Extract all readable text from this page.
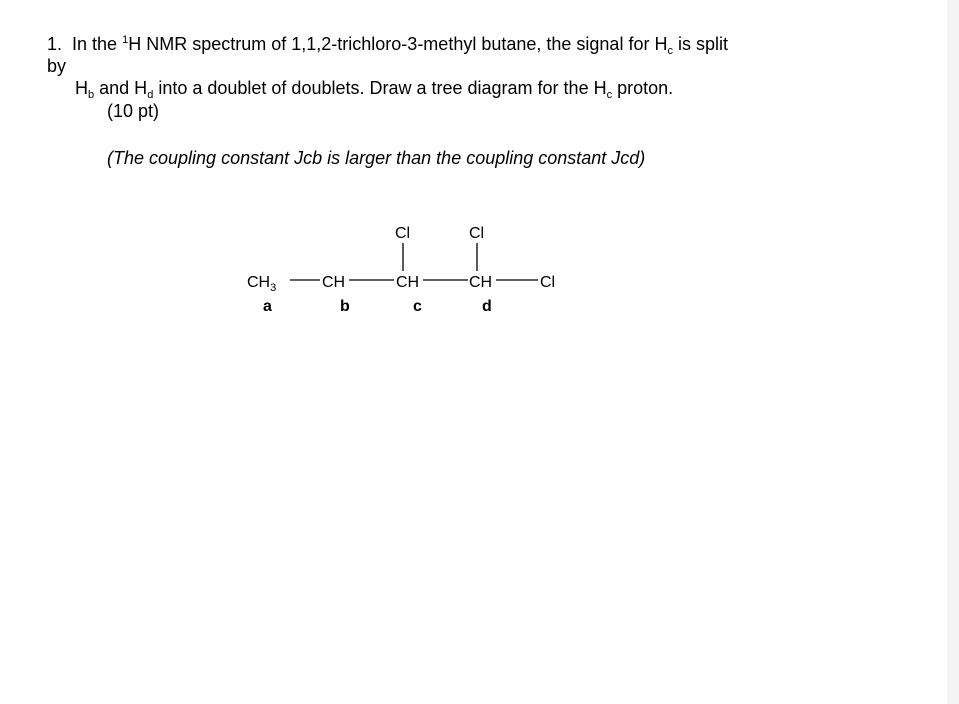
1. In the $^1$H NMR spectrum of 1,1,2-trichloro-3-methyl butane, the signal for $H_c$ is split
by
$H_b$ and $H_d$ into a doublet of doublets. Draw a tree diagram for the $H_c$ proton.
(10 pt)
(The coupling constant Jcb is larger than the coupling constant Jcd)
Cl	Cl
$CH_3$	CH	CH	CH	Cl
a	b	c	d
